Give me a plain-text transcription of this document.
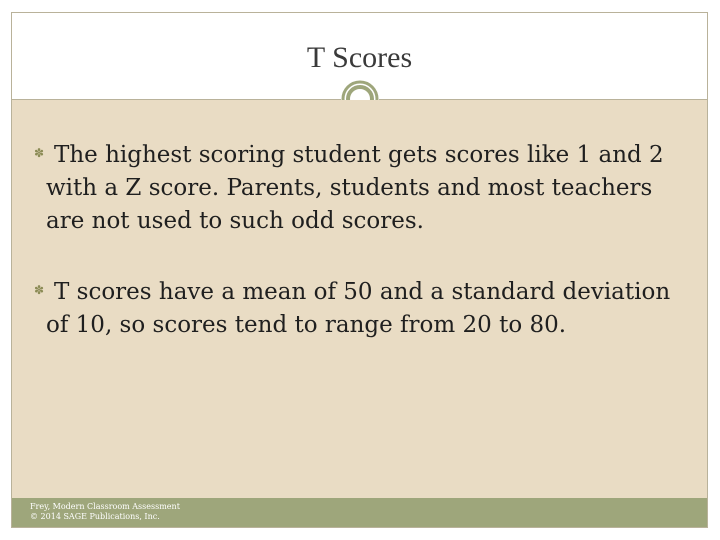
T Scores
✽ The highest scoring student gets scores like 1 and 2
with a Z score. Parents, students and most teachers
are not used to such odd scores.
✽ T scores have a mean of 50 and a standard deviation
of 10, so scores tend to range from 20 to 80.
Frey, Modern Classroom Assessment
© 2014 SAGE Publications, Inc.
